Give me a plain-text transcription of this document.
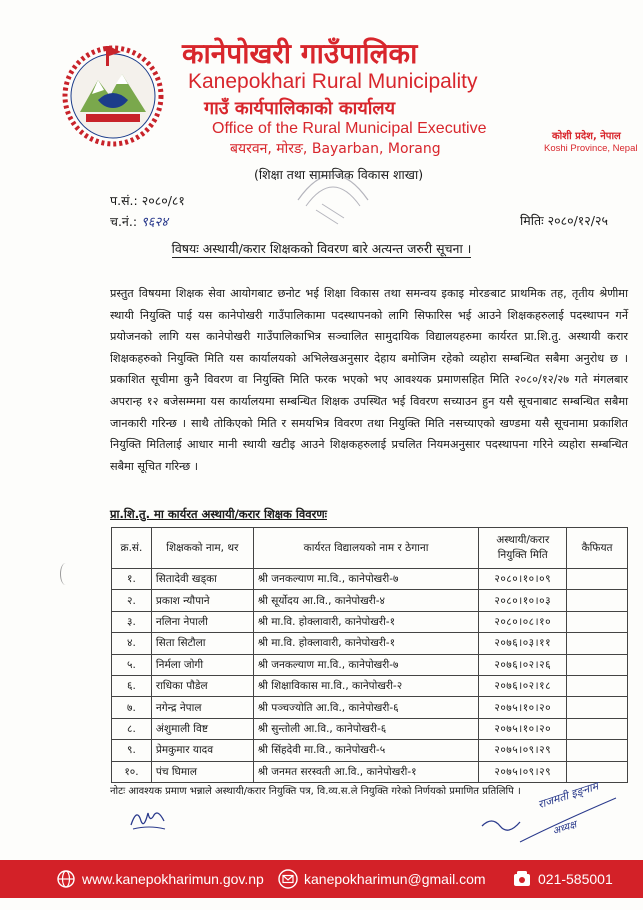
कानेपोखरी गाउँपालिका
Kanepokhari Rural Municipality
गाउँ कार्यपालिकाको कार्यालय
Office of the Rural Municipal Executive
बयरवन, मोरङ, Bayarban, Morang
कोशी प्रदेश, नेपाल
Koshi Province, Nepal
(शिक्षा तथा सामाजिक विकास शाखा)
प.सं.: २०८०/८१
च.नं.: ९६२४	मितिः २०८०/१२/२५
विषयः अस्थायी/करार शिक्षकको विवरण बारे अत्यन्त जरुरी सूचना ।
प्रस्तुत विषयमा शिक्षक सेवा आयोगबाट छनोट भई शिक्षा विकास तथा समन्वय इकाइ मोरङबाट प्राथमिक तह, तृतीय श्रेणीमा स्थायी नियुक्ति पाई यस कानेपोखरी गाउँपालिकामा पदस्थापनको लागि सिफारिस भई आउने शिक्षकहरुलाई पदस्थापन गर्ने प्रयोजनको लागि यस कानेपोखरी गाउँपालिकाभित्र सञ्चालित सामुदायिक विद्यालयहरुमा कार्यरत प्रा.शि.तु. अस्थायी करार शिक्षकहरुको नियुक्ति मिति यस कार्यालयको अभिलेखअनुसार देहाय बमोजिम रहेको व्यहोरा सम्बन्धित सबैमा अनुरोध छ । प्रकाशित सूचीमा कुनै विवरण वा नियुक्ति मिति फरक भएको भए आवश्यक प्रमाणसहित मिति २०८०/१२/२७ गते मंगलबार अपरान्ह १२ बजेसम्ममा यस कार्यालयमा सम्बन्धित शिक्षक उपस्थित भई विवरण सच्याउन हुन यसै सूचनाबाट सम्बन्धित सबैमा जानकारी गरिन्छ । साथै तोकिएको मिति र समयभित्र विवरण तथा नियुक्ति मिति नसच्याएको खण्डमा यसै सूचनामा प्रकाशित नियुक्ति मितिलाई आधार मानी स्थायी खटीइ आउने शिक्षकहरुलाई प्रचलित नियमअनुसार पदस्थापना गरिने व्यहोरा सम्बन्धित सबैमा सूचित गरिन्छ ।
प्रा.शि.तु. मा कार्यरत अस्थायी/करार शिक्षक विवरणः
क्र.सं.	शिक्षकको नाम, थर	कार्यरत विद्यालयको नाम र ठेगाना	अस्थायी/करार नियुक्ति मिति	कैफियत
१.	सितादेवी खड्का	श्री जनकल्याण मा.वि., कानेपोखरी-७	२०८०।१०।०९	
२.	प्रकाश न्यौपाने	श्री सूर्योदय आ.वि., कानेपोखरी-४	२०८०।१०।०३	
३.	नलिना नेपाली	श्री मा.वि. होक्लावारी, कानेपोखरी-१	२०८०।०८।१०	
४.	सिता सिटौला	श्री मा.वि. होक्लावारी, कानेपोखरी-१	२०७६।०३।११	
५.	निर्मला जोगी	श्री जनकल्याण मा.वि., कानेपोखरी-७	२०७६।०२।२६	
६.	राधिका पौडेल	श्री शिक्षाविकास मा.वि., कानेपोखरी-२	२०७६।०२।१८	
७.	नगेन्द्र नेपाल	श्री पञ्चज्योति आ.वि., कानेपोखरी-६	२०७५।१०।२०	
८.	अंशुमाली विष्ट	श्री सुन्तोली आ.वि., कानेपोखरी-६	२०७५।१०।२०	
९.	प्रेमकुमार यादव	श्री सिंहदेवी मा.वि., कानेपोखरी-५	२०७५।०९।२९	
१०.	पंच घिमाल	श्री जनमत सरस्वती आ.वि., कानेपोखरी-१	२०७५।०९।२९	
नोटः आवश्यक प्रमाण भन्नाले अस्थायी/करार नियुक्ति पत्र, वि.व्य.स.ले नियुक्ति गरेको निर्णयको प्रमाणित प्रतिलिपि । राजमती इङ्नाम
अध्यक्ष
www.kanepokharimun.gov.np	kanepokharimun@gmail.com	021-585001
